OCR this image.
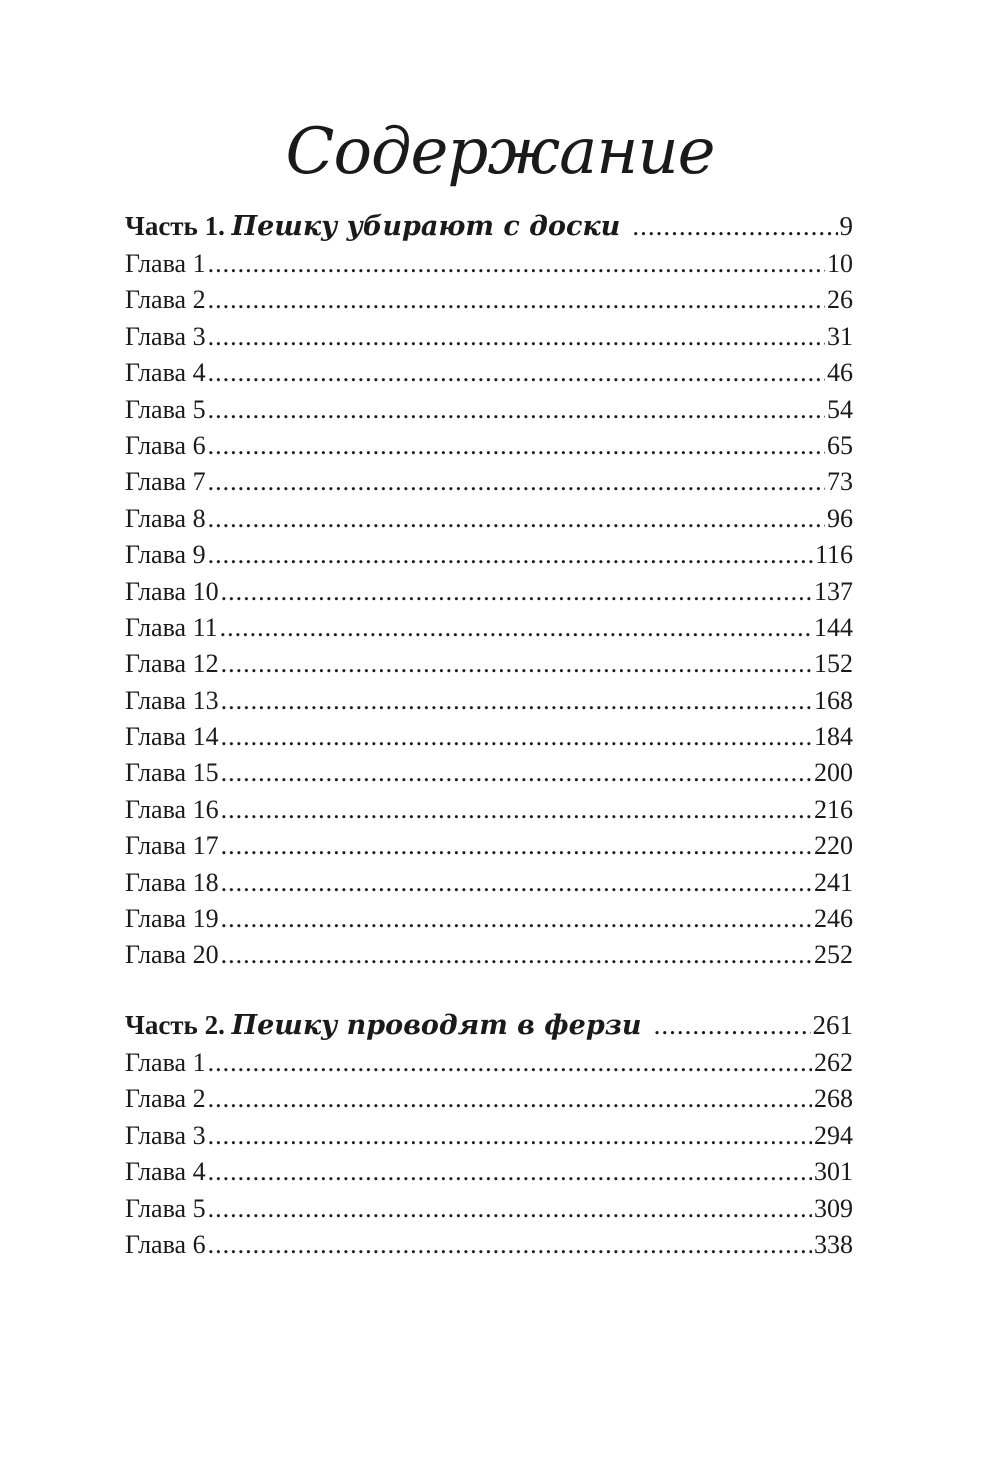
Содержание
Часть 1. Пешку убирают с доски .....	9
Глава 1 .....	10
Глава 2 .....	26
Глава 3 .....	31
Глава 4 .....	46
Глава 5 .....	54
Глава 6 .....	65
Глава 7 .....	73
Глава 8 .....	96
Глава 9 .....	116
Глава 10 .....	137
Глава 11 .....	144
Глава 12 .....	152
Глава 13 .....	168
Глава 14 .....	184
Глава 15 .....	200
Глава 16 .....	216
Глава 17 .....	220
Глава 18 .....	241
Глава 19 .....	246
Глава 20 .....	252
Часть 2. Пешку проводят в ферзи .....	261
Глава 1 .....	262
Глава 2 .....	268
Глава 3 .....	294
Глава 4 .....	301
Глава 5 .....	309
Глава 6 .....	338
